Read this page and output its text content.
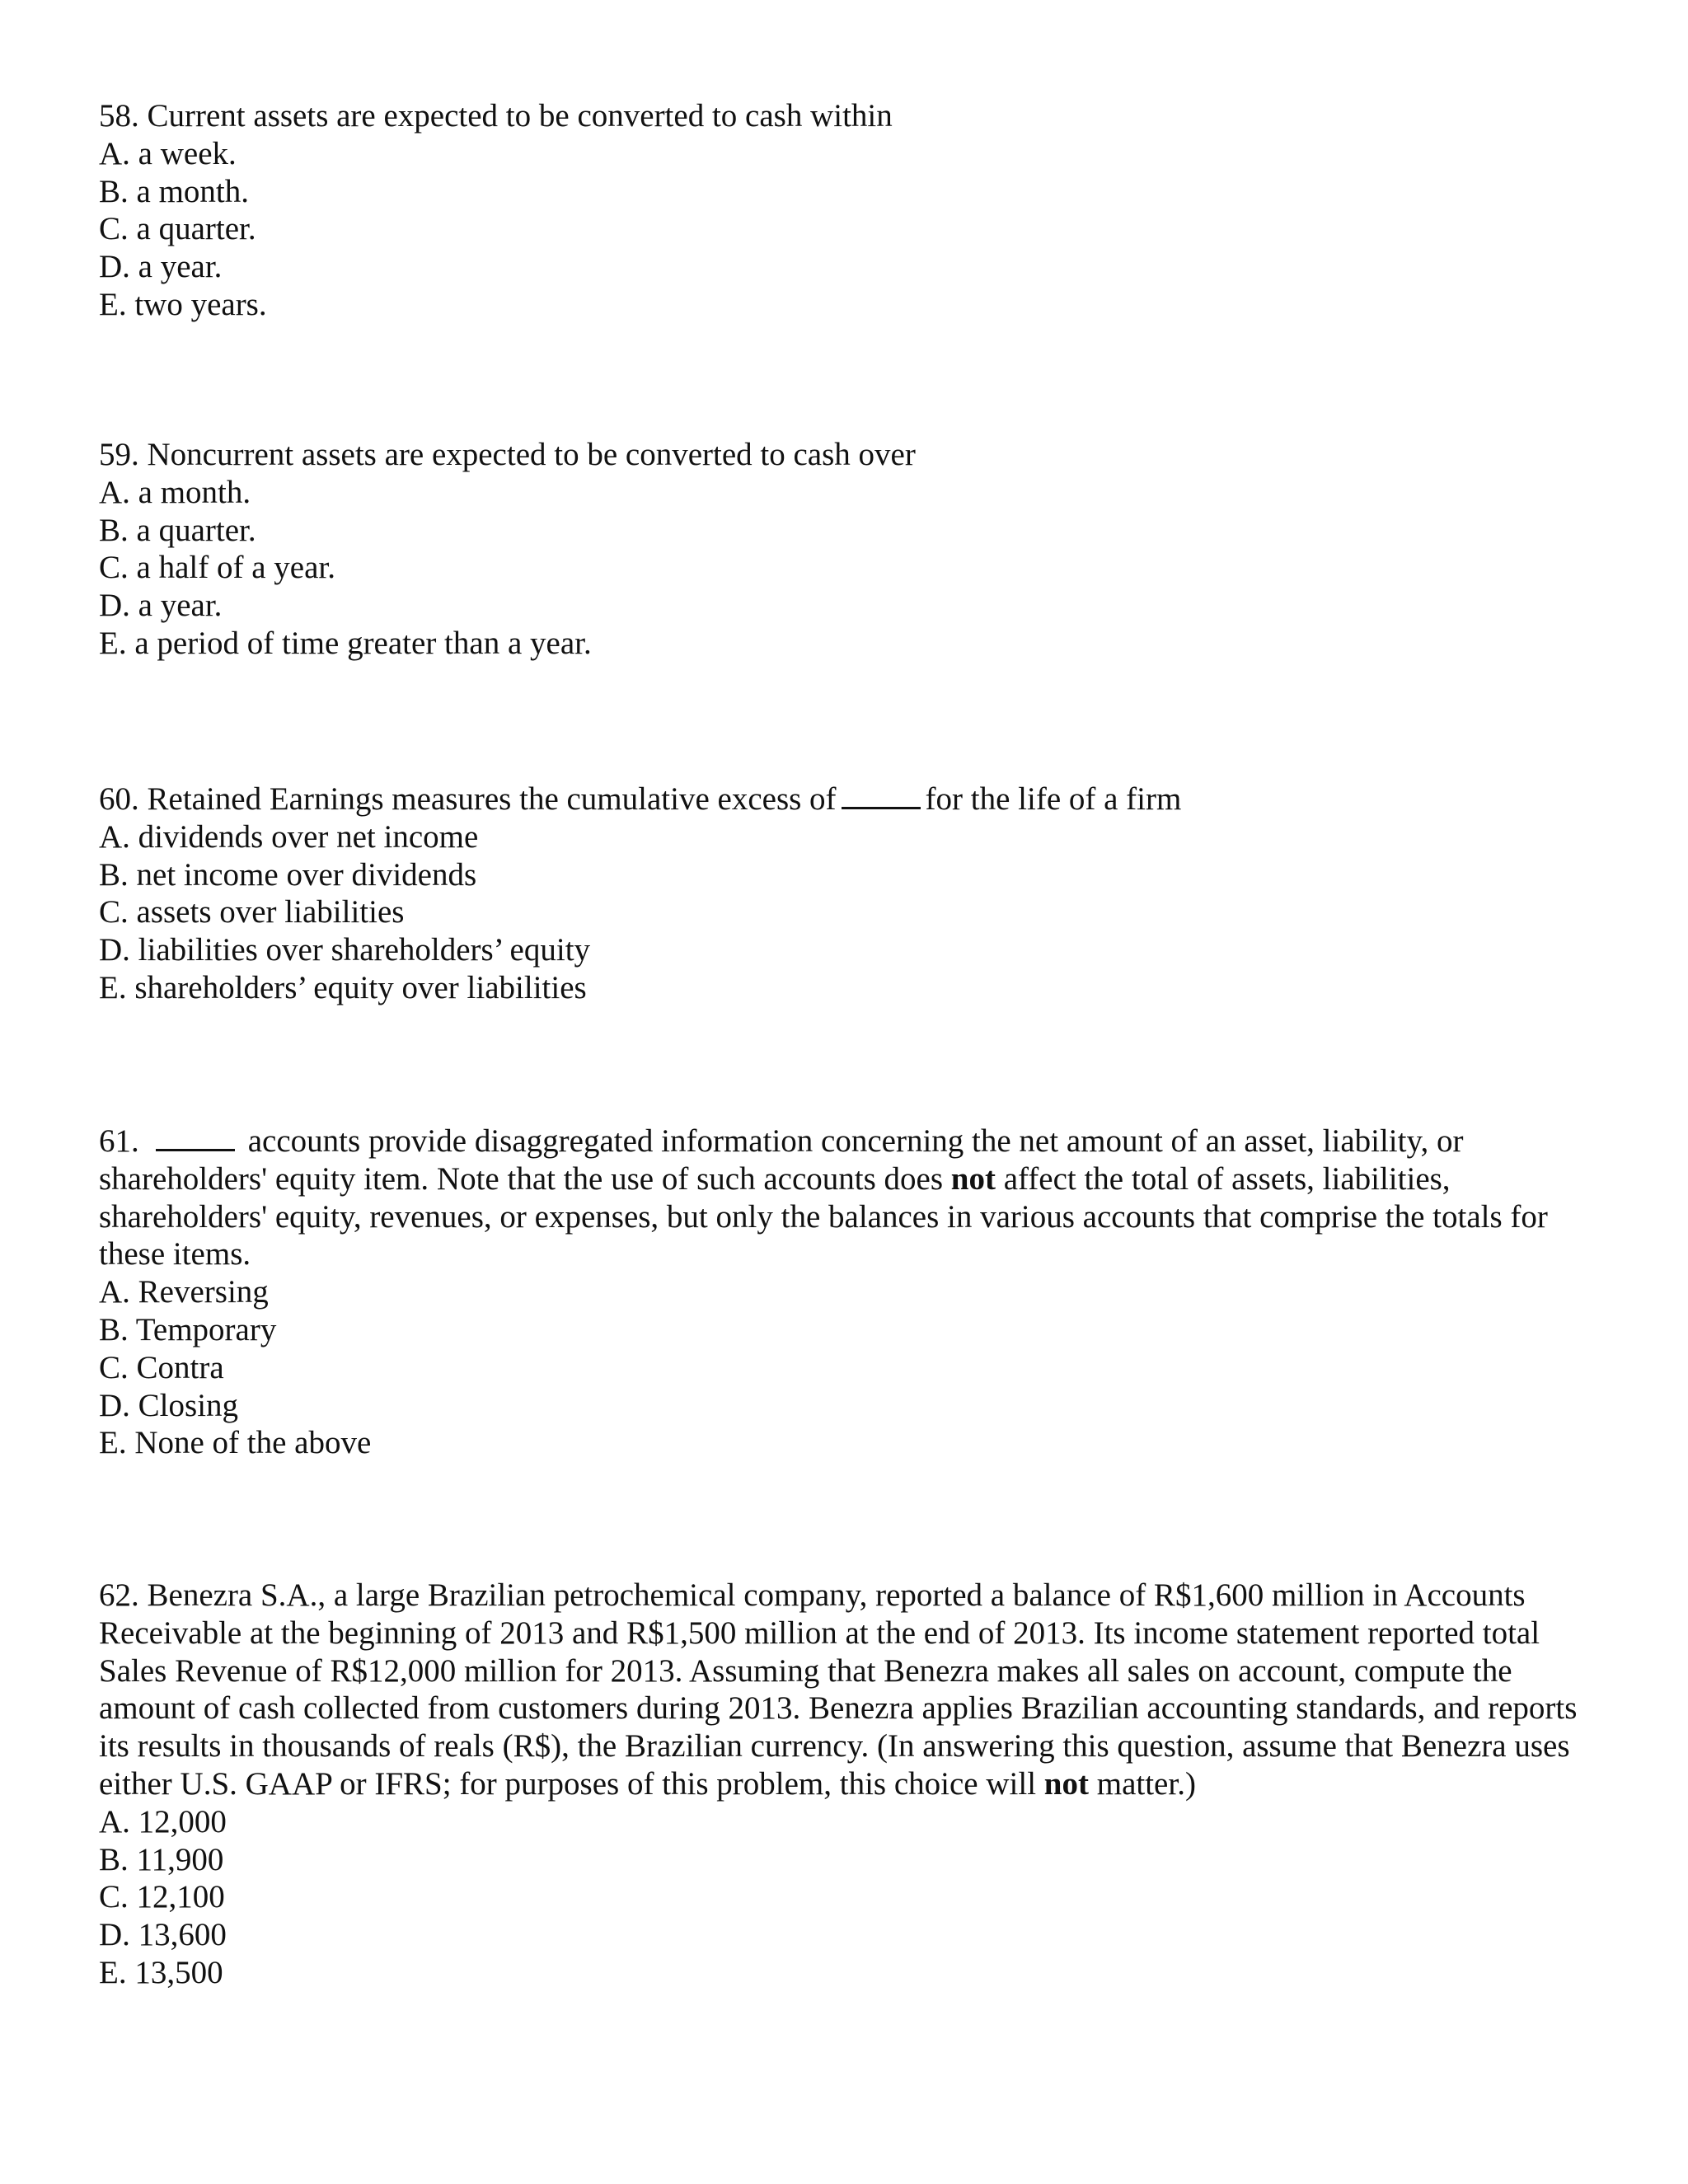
58. Current assets are expected to be converted to cash within

A. a week.
B. a month.
C. a quarter.
D. a year.
E. two years.

59. Noncurrent assets are expected to be converted to cash over

A. a month.
B. a quarter.
C. a half of a year.
D. a year.
E. a period of time greater than a year.

60. Retained Earnings measures the cumulative excess of	for the life of a firm

A. dividends over net income
B. net income over dividends
C. assets over liabilities
D. liabilities over shareholders’ equity
E. shareholders’ equity over liabilities

61.	accounts provide disaggregated information concerning the net amount of an asset, liability, or shareholders' equity item. Note that the use of such accounts does not affect the total of assets, liabilities, shareholders' equity, revenues, or expenses, but only the balances in various accounts that comprise the totals for these items.

A. Reversing
B. Temporary
C. Contra
D. Closing
E. None of the above

62. Benezra S.A., a large Brazilian petrochemical company, reported a balance of R$1,600 million in Accounts Receivable at the beginning of 2013 and R$1,500 million at the end of 2013. Its income statement reported total Sales Revenue of R$12,000 million for 2013. Assuming that Benezra makes all sales on account, compute the amount of cash collected from customers during 2013. Benezra applies Brazilian accounting standards, and reports its results in thousands of reals (R$), the Brazilian currency. (In answering this question, assume that Benezra uses either U.S. GAAP or IFRS; for purposes of this problem, this choice will not matter.)

A. 12,000
B. 11,900
C. 12,100
D. 13,600
E. 13,500
